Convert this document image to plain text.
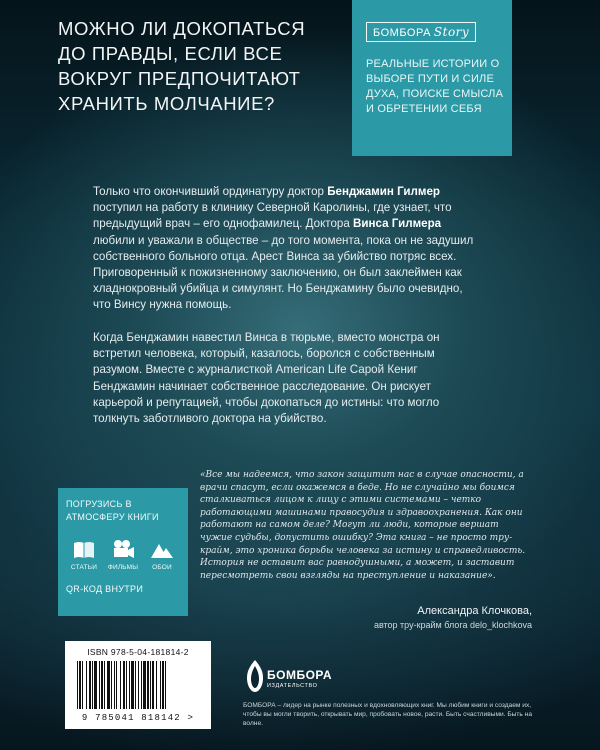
МОЖНО ЛИ ДОКОПАТЬСЯ ДО ПРАВДЫ, ЕСЛИ ВСЕ ВОКРУГ ПРЕДПОЧИТАЮТ ХРАНИТЬ МОЛЧАНИЕ?
БОМБОРА Story
РЕАЛЬНЫЕ ИСТОРИИ О ВЫБОРЕ ПУТИ И СИЛЕ ДУХА, ПОИСКЕ СМЫСЛА И ОБРЕТЕНИИ СЕБЯ

Только что окончивший ординатуру доктор Бенджамин Гилмер поступил на работу в клинику Северной Каролины, где узнает, что предыдущий врач – его однофамилец. Доктора Винса Гилмера любили и уважали в обществе – до того момента, пока он не задушил собственного больного отца. Арест Винса за убийство потряс всех. Приговоренный к пожизненному заключению, он был заклеймен как хладнокровный убийца и симулянт. Но Бенджамину было очевидно, что Винсу нужна помощь.

Когда Бенджамин навестил Винса в тюрьме, вместо монстра он встретил человека, который, казалось, боролся с собственным разумом. Вместе с журналисткой American Life Сарой Кениг Бенджамин начинает собственное расследование. Он рискует карьерой и репутацией, чтобы докопаться до истины: что могло толкнуть заботливого доктора на убийство.

ПОГРУЗИСЬ В АТМОСФЕРУ КНИГИ
СТАТЬИ	ФИЛЬМЫ	ОБОИ
QR-КОД ВНУТРИ

«Все мы надеемся, что закон защитит нас в случае опасности, а врачи спасут, если окажемся в беде. Но не случайно мы боимся сталкиваться лицом к лицу с этими системами – четко работающими машинами правосудия и здравоохранения. Как они работают на самом деле? Могут ли люди, которые вершат чужие судьбы, допустить ошибку? Эта книга – не просто тру-крайм, это хроника борьбы человека за истину и справедливость. История не оставит вас равнодушными, а может, и заставит пересмотреть свои взгляды на преступление и наказание».

Александра Клочкова,

автор тру-крайм блога delo_klochkova

ISBN 978-5-04-181814-2
9 785041 818142 >
БОМБОРА
ИЗДАТЕЛЬСТВО

БОМБОРА – лидер на рынке полезных и вдохновляющих книг. Мы любим книги и создаем их, чтобы вы могли творить, открывать мир, пробовать новое, расти. Быть счастливыми. Быть на волне.
